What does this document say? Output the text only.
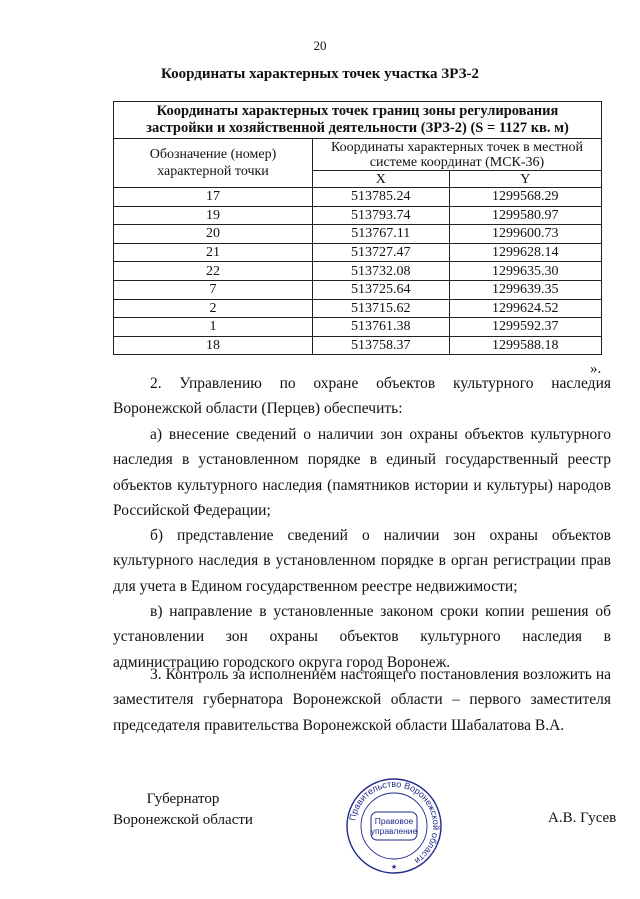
20
Координаты характерных точек участка ЗРЗ-2
Координаты характерных точек границ зоны регулирования
застройки и хозяйственной деятельности (ЗРЗ-2) (S = 1127 кв. м)		
Обозначение (номер) характерной точки	Координаты характерных точек в местной системе координат (МСК-36)	
	X	Y
17	513785.24	1299568.29
19	513793.74	1299580.97
20	513767.11	1299600.73
21	513727.47	1299628.14
22	513732.08	1299635.30
7	513725.64	1299639.35
2	513715.62	1299624.52
1	513761.38	1299592.37
18	513758.37	1299588.18
».

2. Управлению по охране объектов культурного наследия Воронежской области (Перцев) обеспечить:

а) внесение сведений о наличии зон охраны объектов культурного наследия в установленном порядке в единый государственный реестр объектов культурного наследия (памятников истории и культуры) народов Российской Федерации;

б) представление сведений о наличии зон охраны объектов культурного наследия в установленном порядке в орган регистрации прав для учета в Едином государственном реестре недвижимости;

в) направление в установленные законом сроки копии решения об установлении зон охраны объектов культурного наследия в администрацию городского округа город Воронеж.

3. Контроль за исполнением настоящего постановления возложить на заместителя губернатора Воронежской области – первого заместителя председателя правительства Воронежской области Шабалатова В.А.

Губернатор
Воронежской области	Правительство Воронежской области
Правовое
управление
★
А.В. Гусев
